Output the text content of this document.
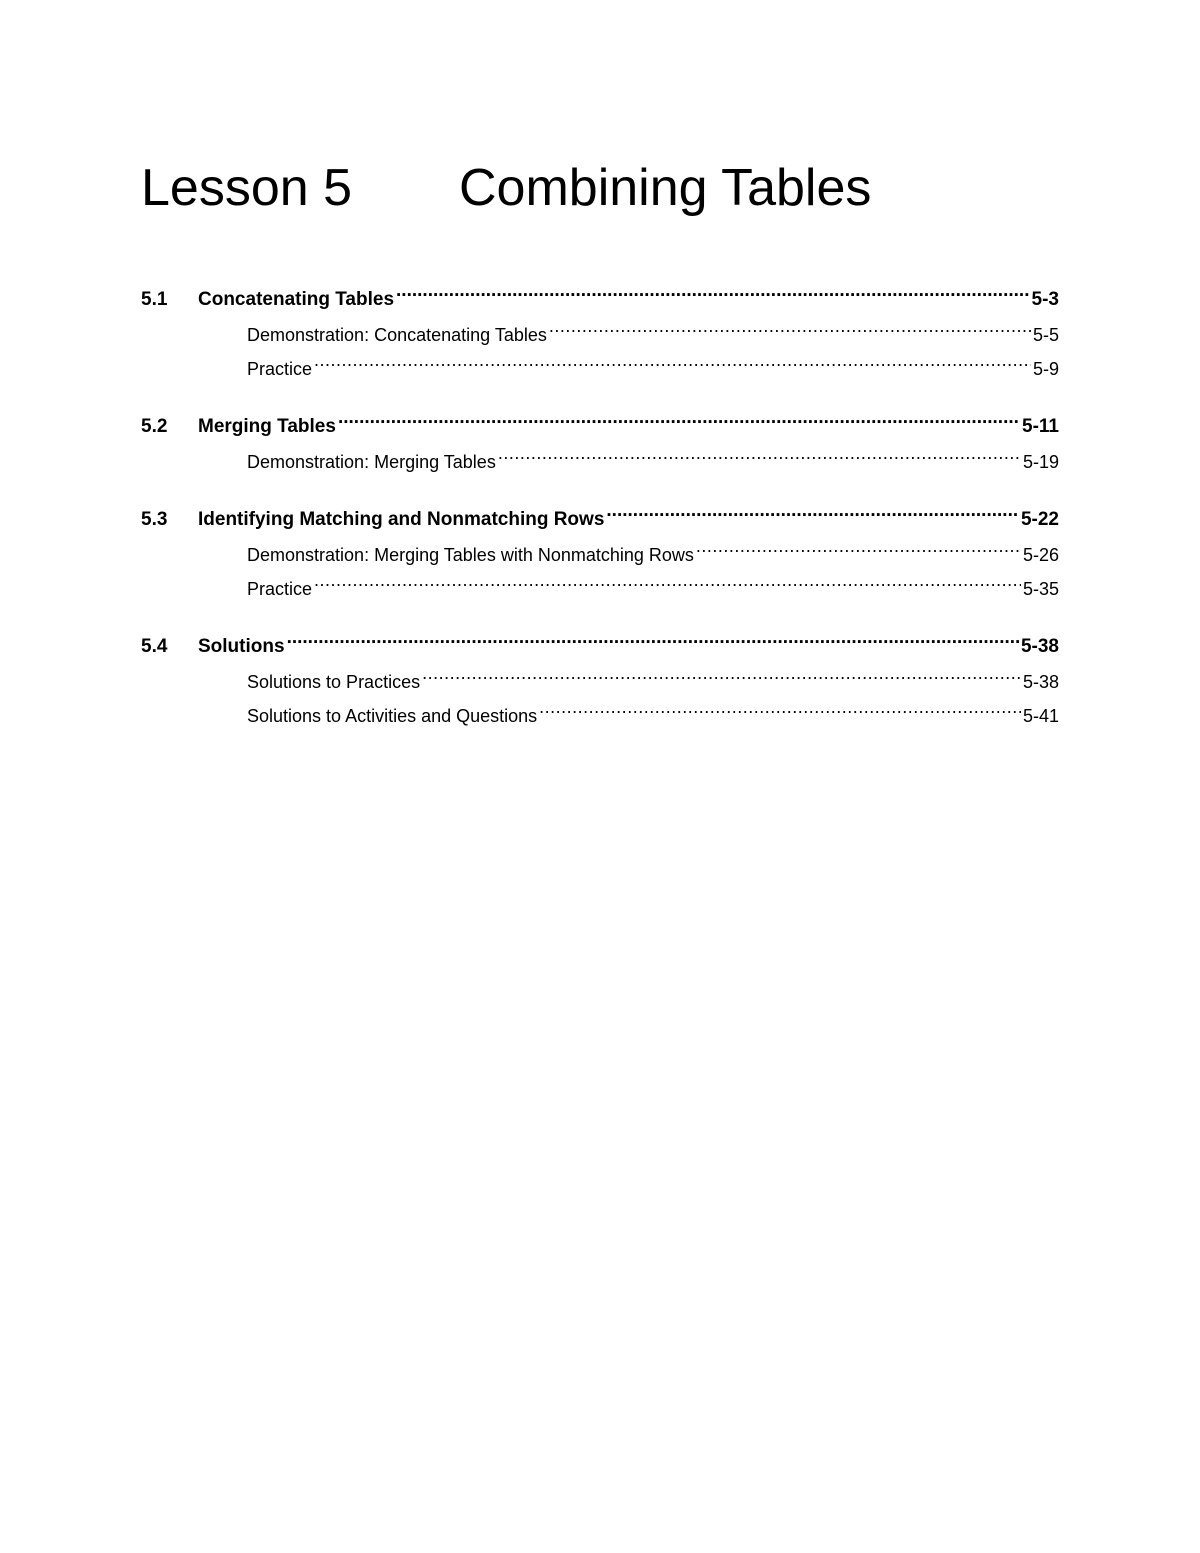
Lesson 5 Combining Tables
5.1	Concatenating Tables .....	5-3
Demonstration: Concatenating Tables .....	5-5
Practice .....	5-9
5.2	Merging Tables .....	5-11
Demonstration: Merging Tables .....	5-19
5.3	Identifying Matching and Nonmatching Rows .....	5-22
Demonstration: Merging Tables with Nonmatching Rows .....	5-26
Practice .....	5-35
5.4	Solutions .....	5-38
Solutions to Practices .....	5-38
Solutions to Activities and Questions .....	5-41
